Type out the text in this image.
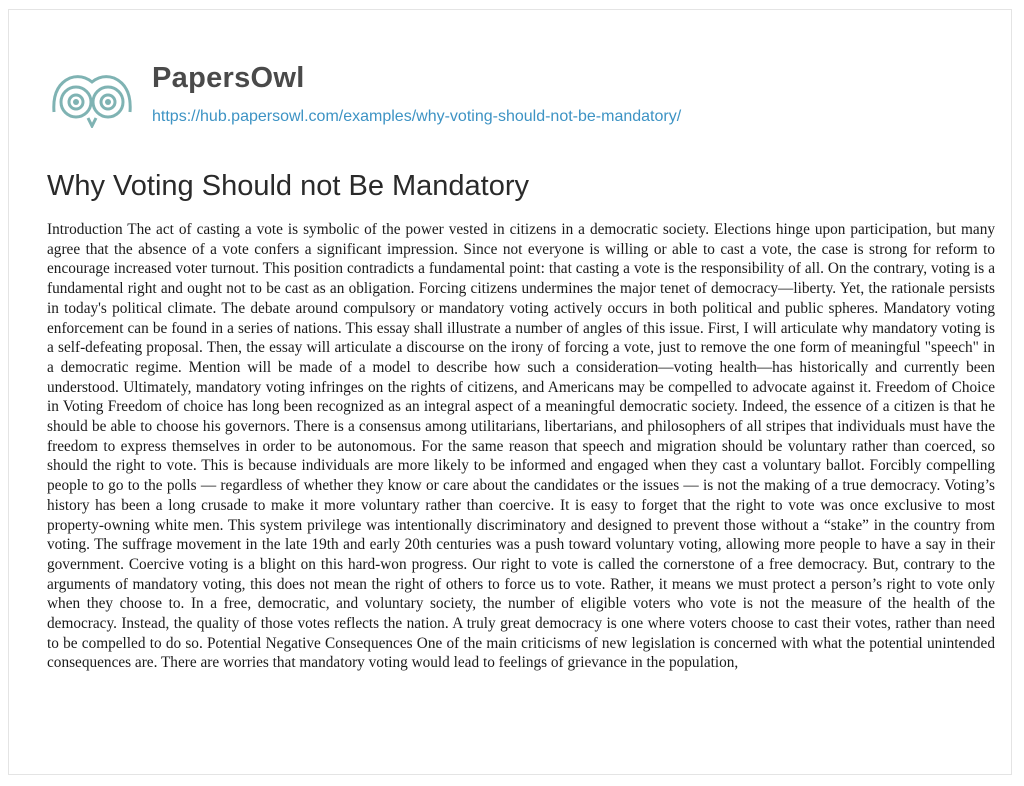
PapersOwl
https://hub.papersowl.com/examples/why-voting-should-not-be-mandatory/
Why Voting Should not Be Mandatory

Introduction The act of casting a vote is symbolic of the power vested in citizens in a democratic society. Elections hinge upon participation, but many agree that the absence of a vote confers a significant impression. Since not everyone is willing or able to cast a vote, the case is strong for reform to encourage increased voter turnout. This position contradicts a fundamental point: that casting a vote is the responsibility of all. On the contrary, voting is a fundamental right and ought not to be cast as an obligation. Forcing citizens undermines the major tenet of democracy—liberty. Yet, the rationale persists in today's political climate. The debate around compulsory or mandatory voting actively occurs in both political and public spheres. Mandatory voting enforcement can be found in a series of nations. This essay shall illustrate a number of angles of this issue. First, I will articulate why mandatory voting is a self-defeating proposal. Then, the essay will articulate a discourse on the irony of forcing a vote, just to remove the one form of meaningful "speech" in a democratic regime. Mention will be made of a model to describe how such a consideration—voting health—has historically and currently been understood. Ultimately, mandatory voting infringes on the rights of citizens, and Americans may be compelled to advocate against it. Freedom of Choice in Voting Freedom of choice has long been recognized as an integral aspect of a meaningful democratic society. Indeed, the essence of a citizen is that he should be able to choose his governors. There is a consensus among utilitarians, libertarians, and philosophers of all stripes that individuals must have the freedom to express themselves in order to be autonomous. For the same reason that speech and migration should be voluntary rather than coerced, so should the right to vote. This is because individuals are more likely to be informed and engaged when they cast a voluntary ballot. Forcibly compelling people to go to the polls — regardless of whether they know or care about the candidates or the issues — is not the making of a true democracy. Voting’s history has been a long crusade to make it more voluntary rather than coercive. It is easy to forget that the right to vote was once exclusive to most property-owning white men. This system privilege was intentionally discriminatory and designed to prevent those without a “stake” in the country from voting. The suffrage movement in the late 19th and early 20th centuries was a push toward voluntary voting, allowing more people to have a say in their government. Coercive voting is a blight on this hard-won progress. Our right to vote is called the cornerstone of a free democracy. But, contrary to the arguments of mandatory voting, this does not mean the right of others to force us to vote. Rather, it means we must protect a person’s right to vote only when they choose to. In a free, democratic, and voluntary society, the number of eligible voters who vote is not the measure of the health of the democracy. Instead, the quality of those votes reflects the nation. A truly great democracy is one where voters choose to cast their votes, rather than need to be compelled to do so. Potential Negative Consequences One of the main criticisms of new legislation is concerned with what the potential unintended consequences are. There are worries that mandatory voting would lead to feelings of grievance in the population,
